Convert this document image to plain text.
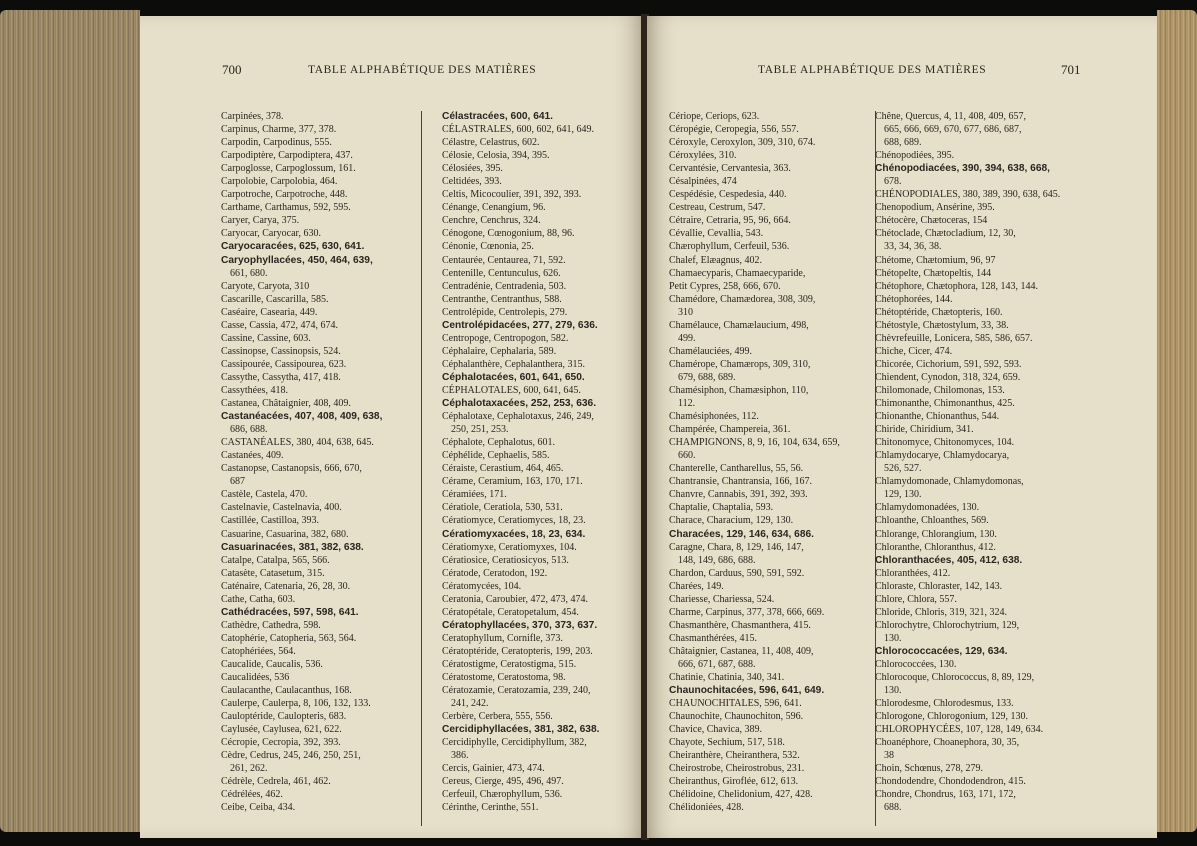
700	TABLE ALPHABÉTIQUE DES MATIÈRES
Carpinées, 378.
Carpinus, Charme, 377, 378.
Carpodin, Carpodinus, 555.
Carpodiptère, Carpodiptera, 437.
Carpoglosse, Carpoglossum, 161.
Carpolobie, Carpolobia, 464.
Carpotroche, Carpotroche, 448.
Carthame, Carthamus, 592, 595.
Caryer, Carya, 375.
Caryocar, Caryocar, 630.
Caryocaracées, 625, 630, 641.
Caryophyllacées, 450, 464, 639,
661, 680.
Caryote, Caryota, 310
Cascarille, Cascarilla, 585.
Caséaire, Casearia, 449.
Casse, Cassia, 472, 474, 674.
Cassine, Cassine, 603.
Cassinopse, Cassinopsis, 524.
Cassipourée, Cassipourea, 623.
Cassythe, Cassytha, 417, 418.
Cassythées, 418.
Castanea, Châtaignier, 408, 409.
Castanéacées, 407, 408, 409, 638,
686, 688.
CASTANÉALES, 380, 404, 638, 645.
Castanées, 409.
Castanopse, Castanopsis, 666, 670,
687
Castèle, Castela, 470.
Castelnavie, Castelnavia, 400.
Castillée, Castilloa, 393.
Casuarine, Casuarina, 382, 680.
Casuarinacées, 381, 382, 638.
Catalpe, Catalpa, 565, 566.
Catasète, Catasetum, 315.
Caténaire, Catenaria, 26, 28, 30.
Cathe, Catha, 603.
Cathédracées, 597, 598, 641.
Cathèdre, Cathedra, 598.
Catophérie, Catopheria, 563, 564.
Catophériées, 564.
Caucalide, Caucalis, 536.
Caucalidées, 536
Caulacanthe, Caulacanthus, 168.
Caulerpe, Caulerpa, 8, 106, 132, 133.
Cauloptéride, Caulopteris, 683.
Caylusée, Caylusea, 621, 622.
Cécropie, Cecropia, 392, 393.
Cèdre, Cedrus, 245, 246, 250, 251,
261, 262.
Cédrèle, Cedrela, 461, 462.
Cédrélées, 462.
Ceibe, Ceiba, 434.
Célastracées, 600, 641.
CÉLASTRALES, 600, 602, 641, 649.
Célastre, Celastrus, 602.
Célosie, Celosia, 394, 395.
Célosiées, 395.
Celtidées, 393.
Celtis, Micocoulier, 391, 392, 393.
Cénange, Cenangium, 96.
Cenchre, Cenchrus, 324.
Cénogone, Cœnogonium, 88, 96.
Cénonie, Cœnonia, 25.
Centaurée, Centaurea, 71, 592.
Centenille, Centunculus, 626.
Centradénie, Centradenia, 503.
Centranthe, Centranthus, 588.
Centrolépide, Centrolepis, 279.
Centrolépidacées, 277, 279, 636.
Centropoge, Centropogon, 582.
Céphalaire, Cephalaria, 589.
Céphalanthère, Cephalanthera, 315.
Céphalotacées, 601, 641, 650.
CÉPHALOTALES, 600, 641, 645.
Céphalotaxacées, 252, 253, 636.
Céphalotaxe, Cephalotaxus, 246, 249,
250, 251, 253.
Céphalote, Cephalotus, 601.
Céphélide, Cephaelis, 585.
Céraiste, Cerastium, 464, 465.
Cérame, Ceramium, 163, 170, 171.
Céramiées, 171.
Cératiole, Ceratiola, 530, 531.
Cératiomyce, Ceratiomyces, 18, 23.
Cératiomyxacées, 18, 23, 634.
Cératiomyxe, Ceratiomyxes, 104.
Cératiosice, Ceratiosicyos, 513.
Cératode, Ceratodon, 192.
Cératomycées, 104.
Ceratonia, Caroubier, 472, 473, 474.
Cératopétale, Ceratopetalum, 454.
Cératophyllacées, 370, 373, 637.
Ceratophyllum, Cornifle, 373.
Cératoptéride, Ceratopteris, 199, 203.
Cératostigme, Ceratostigma, 515.
Cératostome, Ceratostoma, 98.
Cératozamie, Ceratozamia, 239, 240,
241, 242.
Cerbère, Cerbera, 555, 556.
Cercidiphyllacées, 381, 382, 638.
Cercidiphylle, Cercidiphyllum, 382,
386.
Cercis, Gainier, 473, 474.
Cereus, Cierge, 495, 496, 497.
Cerfeuil, Chærophyllum, 536.
Cérinthe, Cerinthe, 551.
TABLE ALPHABÉTIQUE DES MATIÈRES	701
Cériope, Ceriops, 623.
Céropégie, Ceropegia, 556, 557.
Céroxyle, Ceroxylon, 309, 310, 674.
Céroxylées, 310.
Cervantésie, Cervantesia, 363.
Césalpinées, 474
Cespédésie, Cespedesia, 440.
Cestreau, Cestrum, 547.
Cétraire, Cetraria, 95, 96, 664.
Cévallie, Cevallia, 543.
Chærophyllum, Cerfeuil, 536.
Chalef, Elæagnus, 402.
Chamaecyparis, Chamaecyparide,
Petit Cypres, 258, 666, 670.
Chamédore, Chamædorea, 308, 309,
310
Chamélauce, Chamælaucium, 498,
499.
Chamélauciées, 499.
Chamérope, Chamærops, 309, 310,
679, 688, 689.
Chamésiphon, Chamæsiphon, 110,
112.
Chamésiphonées, 112.
Champérée, Champereia, 361.
CHAMPIGNONS, 8, 9, 16, 104, 634, 659,
660.
Chanterelle, Cantharellus, 55, 56.
Chantransie, Chantransia, 166, 167.
Chanvre, Cannabis, 391, 392, 393.
Chaptalie, Chaptalia, 593.
Charace, Characium, 129, 130.
Characées, 129, 146, 634, 686.
Caragne, Chara, 8, 129, 146, 147,
148, 149, 686, 688.
Chardon, Carduus, 590, 591, 592.
Charées, 149.
Chariesse, Chariessa, 524.
Charme, Carpinus, 377, 378, 666, 669.
Chasmanthère, Chasmanthera, 415.
Chasmanthérées, 415.
Châtaignier, Castanea, 11, 408, 409,
666, 671, 687, 688.
Chatinie, Chatinia, 340, 341.
Chaunochitacées, 596, 641, 649.
CHAUNOCHITALES, 596, 641.
Chaunochite, Chaunochiton, 596.
Chavice, Chavica, 389.
Chayote, Sechium, 517, 518.
Cheiranthère, Cheiranthera, 532.
Cheirostrobe, Cheirostrobus, 231.
Cheiranthus, Giroflée, 612, 613.
Chélidoine, Chelidonium, 427, 428.
Chélidoniées, 428.
Chêne, Quercus, 4, 11, 408, 409, 657,
665, 666, 669, 670, 677, 686, 687,
688, 689.
Chénopodiées, 395.
Chénopodiacées, 390, 394, 638, 668,
678.
CHÉNOPODIALES, 380, 389, 390, 638, 645.
Chenopodium, Ansérine, 395.
Chétocère, Chætoceras, 154
Chétoclade, Chætocladium, 12, 30,
33, 34, 36, 38.
Chétome, Chætomium, 96, 97
Chétopelte, Chætopeltis, 144
Chétophore, Chætophora, 128, 143, 144.
Chétophorées, 144.
Chétoptéride, Chætopteris, 160.
Chétostyle, Chætostylum, 33, 38.
Chèvrefeuille, Lonicera, 585, 586, 657.
Chiche, Cicer, 474.
Chicorée, Cichorium, 591, 592, 593.
Chiendent, Cynodon, 318, 324, 659.
Chilomonade, Chilomonas, 153.
Chimonanthe, Chimonanthus, 425.
Chionanthe, Chionanthus, 544.
Chiride, Chiridium, 341.
Chitonomyce, Chitonomyces, 104.
Chlamydocarye, Chlamydocarya,
526, 527.
Chlamydomonade, Chlamydomonas,
129, 130.
Chlamydomonadées, 130.
Chloanthe, Chloanthes, 569.
Chlorange, Chlorangium, 130.
Chloranthe, Chloranthus, 412.
Chloranthacées, 405, 412, 638.
Chloranthées, 412.
Chloraste, Chloraster, 142, 143.
Chlore, Chlora, 557.
Chloride, Chloris, 319, 321, 324.
Chlorochytre, Chlorochytrium, 129,
130.
Chlorococcacées, 129, 634.
Chlorococcées, 130.
Chlorocoque, Chlorococcus, 8, 89, 129,
130.
Chlorodesme, Chlorodesmus, 133.
Chlorogone, Chlorogonium, 129, 130.
CHLOROPHYCÉES, 107, 128, 149, 634.
Choanéphore, Choanephora, 30, 35,
38
Choin, Schœnus, 278, 279.
Chondodendre, Chondodendron, 415.
Chondre, Chondrus, 163, 171, 172,
688.
